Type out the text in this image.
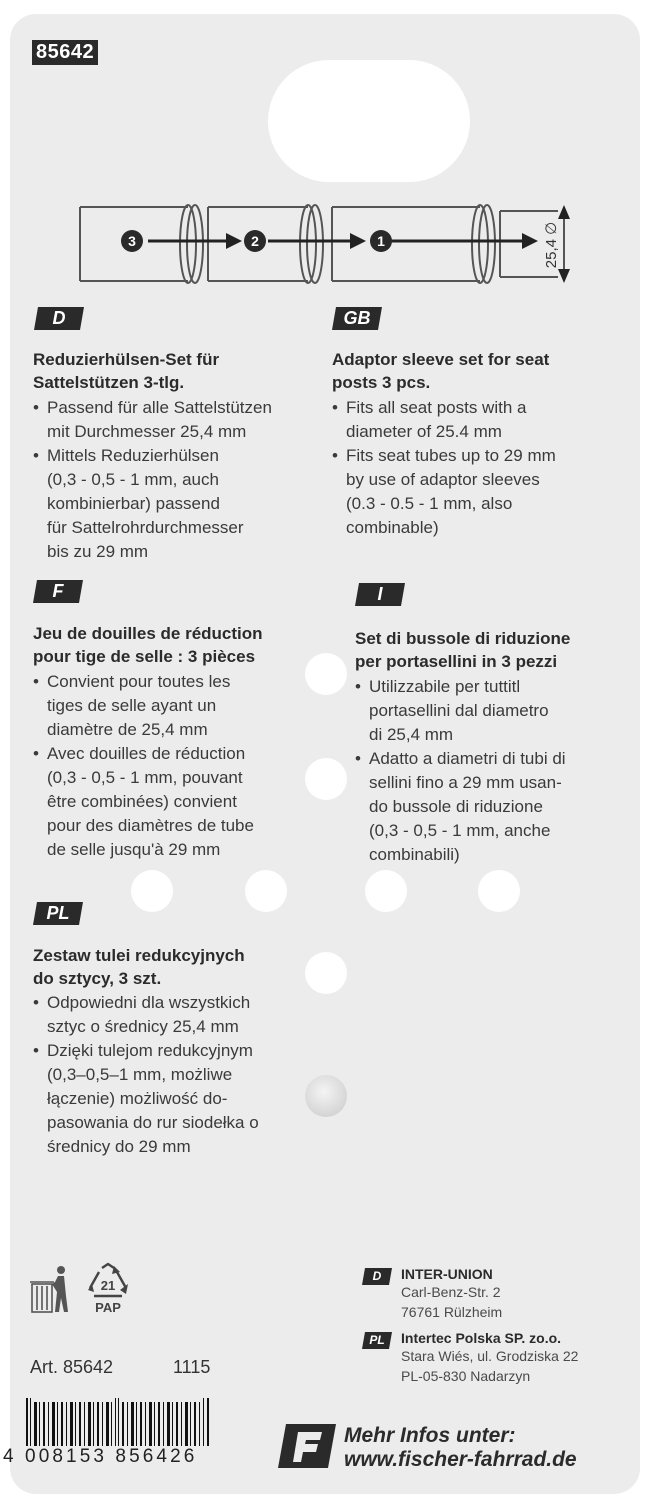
85642
3	2	1	25,4 ∅
D
Reduzierhülsen-Set für
Sattelstützen 3-tlg.
• Passend für alle Sattelstützen
mit Durchmesser 25,4 mm
• Mittels Reduzierhülsen
(0,3 - 0,5 - 1 mm, auch
kombinierbar) passend
für Sattelrohrdurchmesser
bis zu 29 mm
GB
Adaptor sleeve set for seat
posts 3 pcs.
• Fits all seat posts with a
diameter of 25.4 mm
• Fits seat tubes up to 29 mm
by use of adaptor sleeves
(0.3 - 0.5 - 1 mm, also
combinable)
F
Jeu de douilles de réduction
pour tige de selle : 3 pièces
• Convient pour toutes les
tiges de selle ayant un
diamètre de 25,4 mm
• Avec douilles de réduction
(0,3 - 0,5 - 1 mm, pouvant
être combinées) convient
pour des diamètres de tube
de selle jusqu'à 29 mm
I
Set di bussole di riduzione
per portasellini in 3 pezzi
• Utilizzabile per tuttitl
portasellini dal diametro
di 25,4 mm
• Adatto a diametri di tubi di
sellini fino a 29 mm usan-
do bussole di riduzione
(0,3 - 0,5 - 1 mm, anche
combinabili)
PL
Zestaw tulei redukcyjnych
do sztycy, 3 szt.
• Odpowiedni dla wszystkich
sztyc o średnicy 25,4 mm
• Dzięki tulejom redukcyjnym
(0,3–0,5–1 mm, możliwe
łączenie) możliwość do-
pasowania do rur siodełka o
średnicy do 29 mm
21
PAP
Art. 85642	1115
D	INTER-UNION
Carl-Benz-Str. 2
76761 Rülzheim
PL	Intertec Polska SP. zo.o.
Stara Wiés, ul. Grodziska 22
PL-05-830 Nadarzyn
4 008153 856426
Mehr Infos unter:
www.fischer-fahrrad.de
